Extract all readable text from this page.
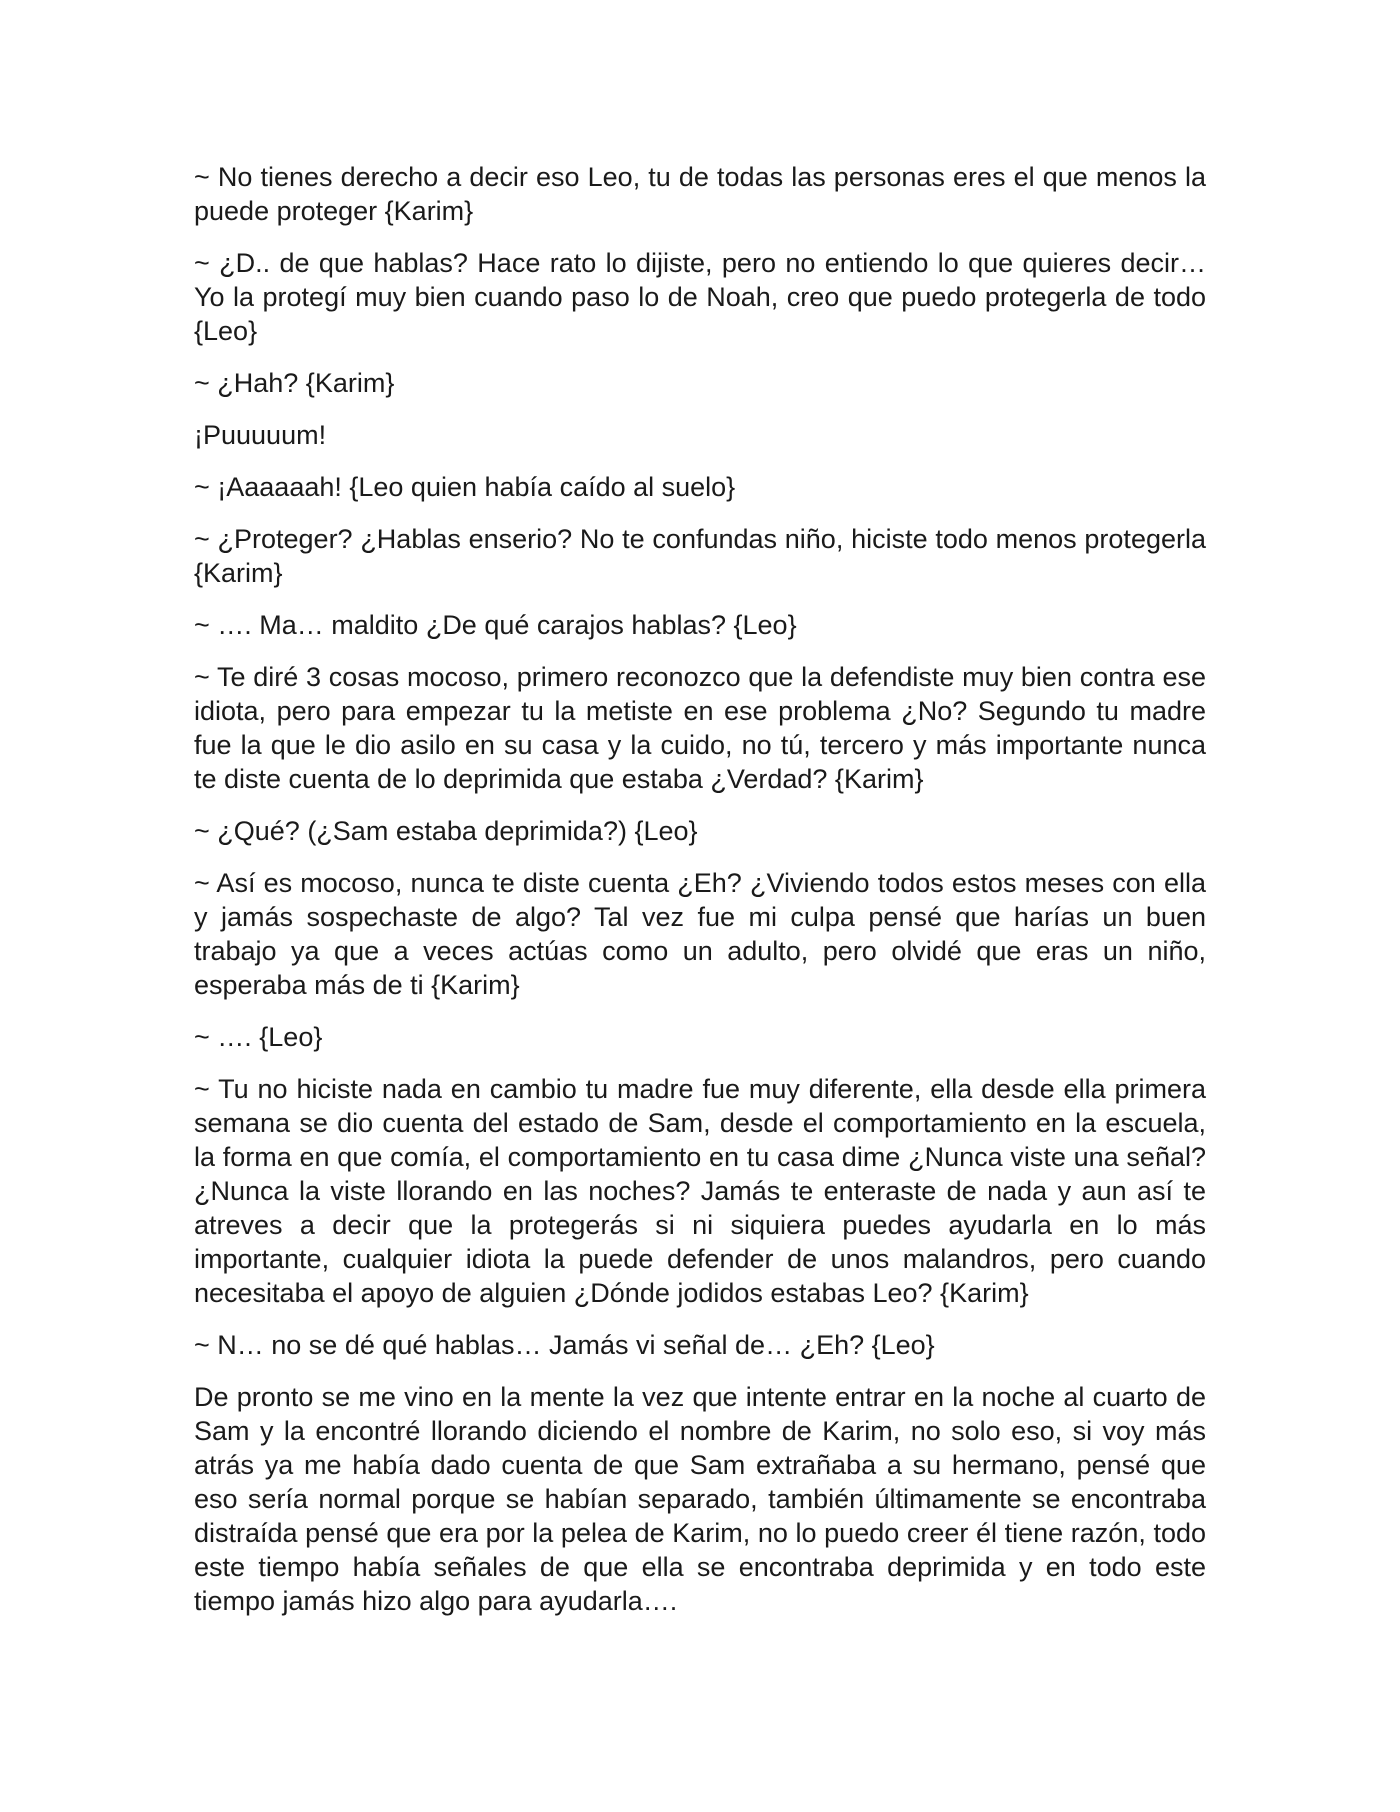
~ No tienes derecho a decir eso Leo, tu de todas las personas eres el que menos la puede proteger {Karim}

~ ¿D.. de que hablas? Hace rato lo dijiste, pero no entiendo lo que quieres decir… Yo la protegí muy bien cuando paso lo de Noah, creo que puedo protegerla de todo {Leo}

~ ¿Hah? {Karim}

¡Puuuuum!

~ ¡Aaaaaah! {Leo quien había caído al suelo}

~ ¿Proteger? ¿Hablas enserio? No te confundas niño, hiciste todo menos protegerla {Karim}

~ …. Ma… maldito ¿De qué carajos hablas? {Leo}

~ Te diré 3 cosas mocoso, primero reconozco que la defendiste muy bien contra ese idiota, pero para empezar tu la metiste en ese problema ¿No? Segundo tu madre fue la que le dio asilo en su casa y la cuido, no tú, tercero y más importante nunca te diste cuenta de lo deprimida que estaba ¿Verdad? {Karim}

~ ¿Qué? (¿Sam estaba deprimida?) {Leo}

~ Así es mocoso, nunca te diste cuenta ¿Eh? ¿Viviendo todos estos meses con ella y jamás sospechaste de algo? Tal vez fue mi culpa pensé que harías un buen trabajo ya que a veces actúas como un adulto, pero olvidé que eras un niño, esperaba más de ti {Karim}

~ …. {Leo}

~ Tu no hiciste nada en cambio tu madre fue muy diferente, ella desde ella primera semana se dio cuenta del estado de Sam, desde el comportamiento en la escuela, la forma en que comía, el comportamiento en tu casa dime ¿Nunca viste una señal? ¿Nunca la viste llorando en las noches? Jamás te enteraste de nada y aun así te atreves a decir que la protegerás si ni siquiera puedes ayudarla en lo más importante, cualquier idiota la puede defender de unos malandros, pero cuando necesitaba el apoyo de alguien ¿Dónde jodidos estabas Leo? {Karim}

~ N… no se dé qué hablas… Jamás vi señal de… ¿Eh? {Leo}

De pronto se me vino en la mente la vez que intente entrar en la noche al cuarto de Sam y la encontré llorando diciendo el nombre de Karim, no solo eso, si voy más atrás ya me había dado cuenta de que Sam extrañaba a su hermano, pensé que eso sería normal porque se habían separado, también últimamente se encontraba distraída pensé que era por la pelea de Karim, no lo puedo creer él tiene razón, todo este tiempo había señales de que ella se encontraba deprimida y en todo este tiempo jamás hizo algo para ayudarla….
